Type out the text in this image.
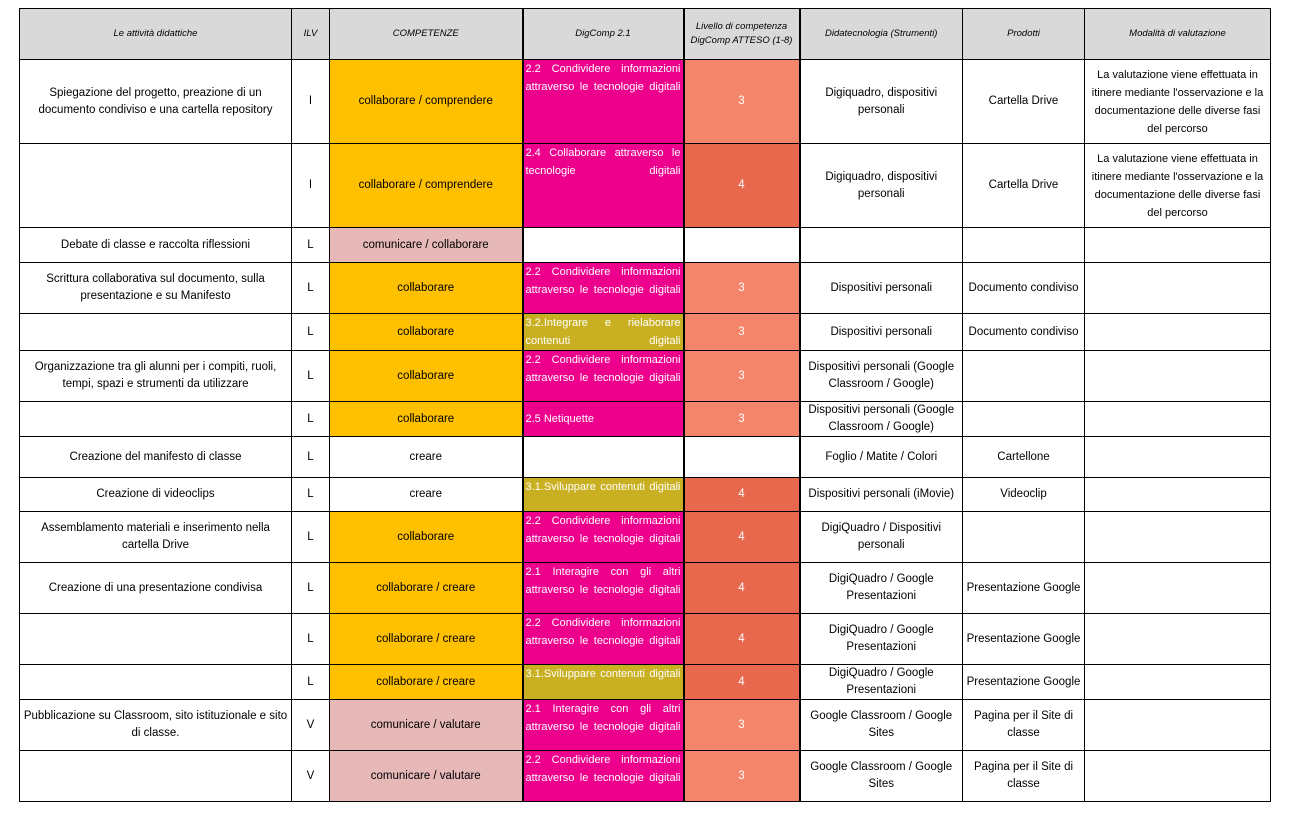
Le attività didattiche	ILV	COMPETENZE	DigComp 2.1	Livello di competenza DigComp ATTESO (1-8)	Didatecnologia (Strumenti)	Prodotti	Modalità di valutazione
Spiegazione del progetto, preazione di un documento condiviso e una cartella repository	I	collaborare / comprendere	2.2 Condividere informazioni attraverso le tecnologie digitali	3	Digiquadro, dispositivi personali	Cartella Drive	La valutazione viene effettuata in itinere mediante l'osservazione e la documentazione delle diverse fasi del percorso
	I	collaborare / comprendere	2.4 Collaborare attraverso le tecnologie digitali	4	Digiquadro, dispositivi personali	Cartella Drive	La valutazione viene effettuata in itinere mediante l'osservazione e la documentazione delle diverse fasi del percorso
Debate di classe e raccolta riflessioni	L	comunicare / collaborare					
Scrittura collaborativa sul documento, sulla presentazione e su Manifesto	L	collaborare	2.2 Condividere informazioni attraverso le tecnologie digitali	3	Dispositivi personali	Documento condiviso	
	L	collaborare	3.2.Integrare e rielaborare contenuti digitali	3	Dispositivi personali	Documento condiviso	
Organizzazione tra gli alunni per i compiti, ruoli, tempi, spazi e strumenti da utilizzare	L	collaborare	2.2 Condividere informazioni attraverso le tecnologie digitali	3	Dispositivi personali (Google Classroom / Google)		
	L	collaborare	2.5 Netiquette	3	Dispositivi personali (Google Classroom / Google)		
Creazione del manifesto di classe	L	creare			Foglio / Matite / Colori	Cartellone	
Creazione di videoclips	L	creare	3.1.Sviluppare contenuti digitali	4	Dispositivi personali (iMovie)	Videoclip	
Assemblamento materiali e inserimento nella cartella Drive	L	collaborare	2.2 Condividere informazioni attraverso le tecnologie digitali	4	DigiQuadro / Dispositivi personali		
Creazione di una presentazione condivisa	L	collaborare / creare	2.1 Interagire con gli altri attraverso le tecnologie digitali	4	DigiQuadro / Google Presentazioni	Presentazione Google	
	L	collaborare / creare	2.2 Condividere informazioni attraverso le tecnologie digitali	4	DigiQuadro / Google Presentazioni	Presentazione Google	
	L	collaborare / creare	3.1.Sviluppare contenuti digitali	4	DigiQuadro / Google Presentazioni	Presentazione Google	
Pubblicazione su Classroom, sito istituzionale e sito di classe.	V	comunicare / valutare	2.1 Interagire con gli altri attraverso le tecnologie digitali	3	Google Classroom / Google Sites	Pagina per il Site di classe	
	V	comunicare / valutare	2.2 Condividere informazioni attraverso le tecnologie digitali	3	Google Classroom / Google Sites	Pagina per il Site di classe	
